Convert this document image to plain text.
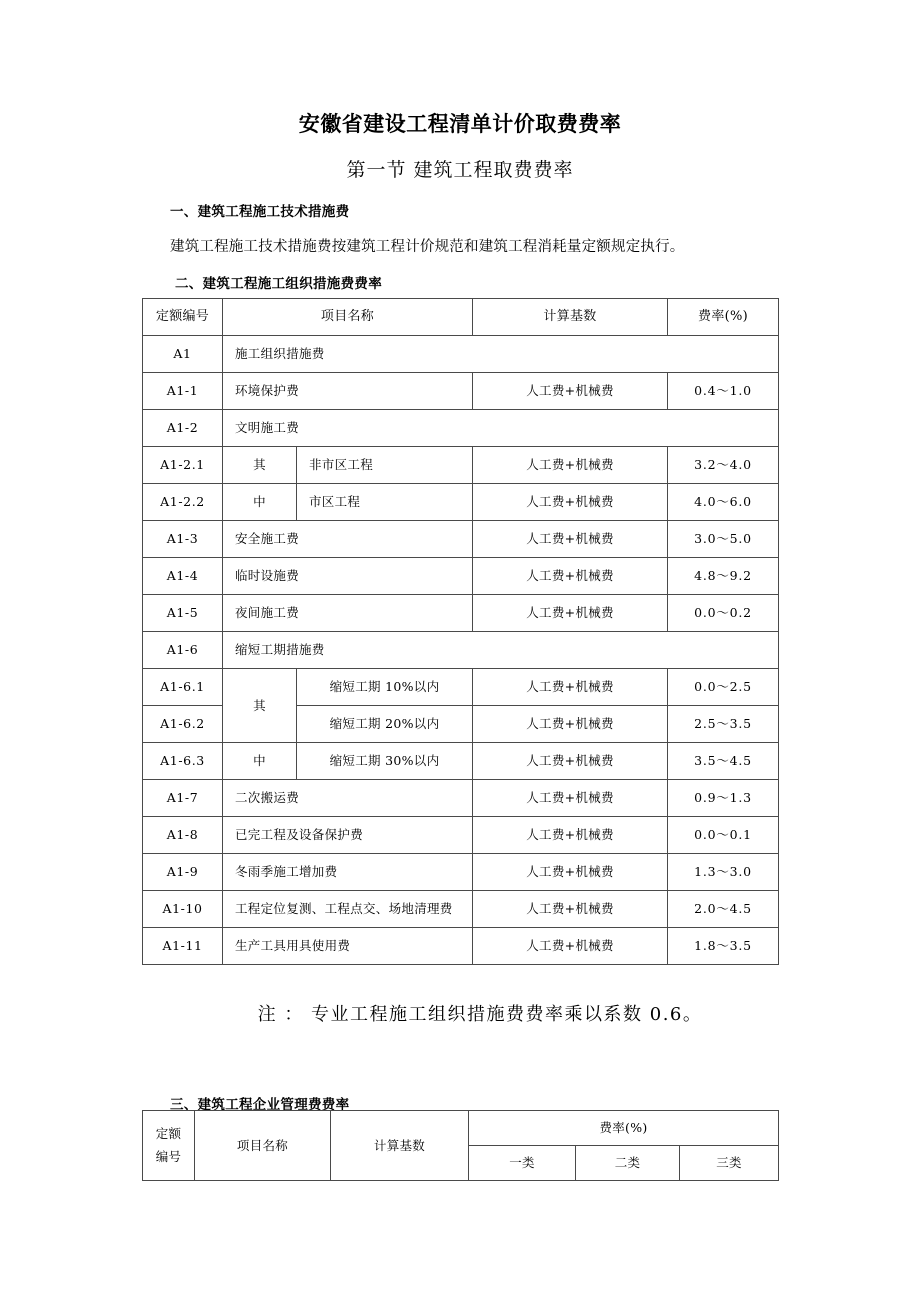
安徽省建设工程清单计价取费费率
第一节 建筑工程取费费率
一、建筑工程施工技术措施费
建筑工程施工技术措施费按建筑工程计价规范和建筑工程消耗量定额规定执行。
二、建筑工程施工组织措施费费率
定额编号	项目名称		计算基数	费率(%)
A1	施工组织措施费			
A1-1	环境保护费		人工费+机械费	0.4～1.0
A1-2	文明施工费			
A1-2.1	其	非市区工程	人工费+机械费	3.2～4.0
A1-2.2	中	市区工程	人工费+机械费	4.0～6.0
A1-3	安全施工费		人工费+机械费	3.0～5.0
A1-4	临时设施费		人工费+机械费	4.8～9.2
A1-5	夜间施工费		人工费+机械费	0.0～0.2
A1-6	缩短工期措施费			
A1-6.1	其	缩短工期 10%以内	人工费+机械费	0.0～2.5
A1-6.2		缩短工期 20%以内	人工费+机械费	2.5～3.5
A1-6.3	中	缩短工期 30%以内	人工费+机械费	3.5～4.5
A1-7	二次搬运费		人工费+机械费	0.9～1.3
A1-8	已完工程及设备保护费		人工费+机械费	0.0～0.1
A1-9	冬雨季施工增加费		人工费+机械费	1.3～3.0
A1-10	工程定位复测、工程点交、场地清理费		人工费+机械费	2.0～4.5
A1-11	生产工具用具使用费		人工费+机械费	1.8～3.5
注 ： 专业工程施工组织措施费费率乘以系数 0.6。
三、建筑工程企业管理费费率
定额
编号	项目名称	计算基数	费率(%)		
			一类	二类	三类
